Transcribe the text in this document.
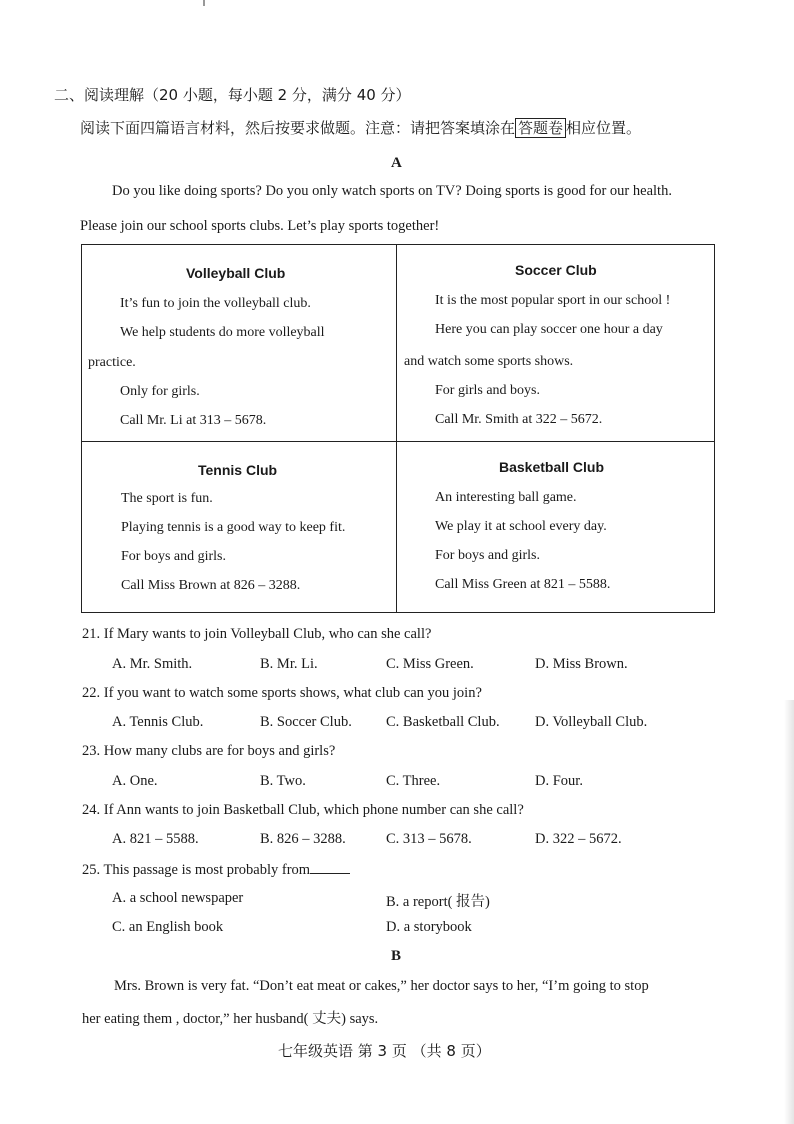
二、阅读理解（20 小题，每小题 2 分，满分 40 分）
阅读下面四篇语言材料，然后按要求做题。注意：请把答案填涂在 答题卷 相应位置。
A
Do you like doing sports? Do you only watch sports on TV? Doing sports is good for our health.
Please join our school sports clubs. Let’s play sports together!
Volleyball Club
It’s fun to join the volleyball club.
We help students do more volleyball
practice.
Only for girls.
Call Mr. Li at 313 – 5678.
Soccer Club
It is the most popular sport in our school !
Here you can play soccer one hour a day
and watch some sports shows.
For girls and boys.
Call Mr. Smith at 322 – 5672.
Tennis Club
The sport is fun.
Playing tennis is a good way to keep fit.
For boys and girls.
Call Miss Brown at 826 – 3288.
Basketball Club
An interesting ball game.
We play it at school every day.
For boys and girls.
Call Miss Green at 821 – 5588.
21. If Mary wants to join Volleyball Club, who can she call?
A. Mr. Smith.	B. Mr. Li.	C. Miss Green.	D. Miss Brown.
22. If you want to watch some sports shows, what club can you join?
A. Tennis Club.	B. Soccer Club. C. Basketball Club. D. Volleyball Club.
23. How many clubs are for boys and girls?
A. One.	B. Two.	C. Three.	D. Four.
24. If Ann wants to join Basketball Club, which phone number can she call?
A. 821 – 5588.	B. 826 – 3288.	C. 313 – 5678.	D. 322 – 5672.
25. This passage is most probably from
A. a school newspaper	B. a report( 报告)
C. an English book	D. a storybook
B
Mrs. Brown is very fat. “Don’t eat meat or cakes,” her doctor says to her, “I’m going to stop
her eating them , doctor,” her husband( 丈夫) says.
七年级英语 第 3 页 （共 8 页）
